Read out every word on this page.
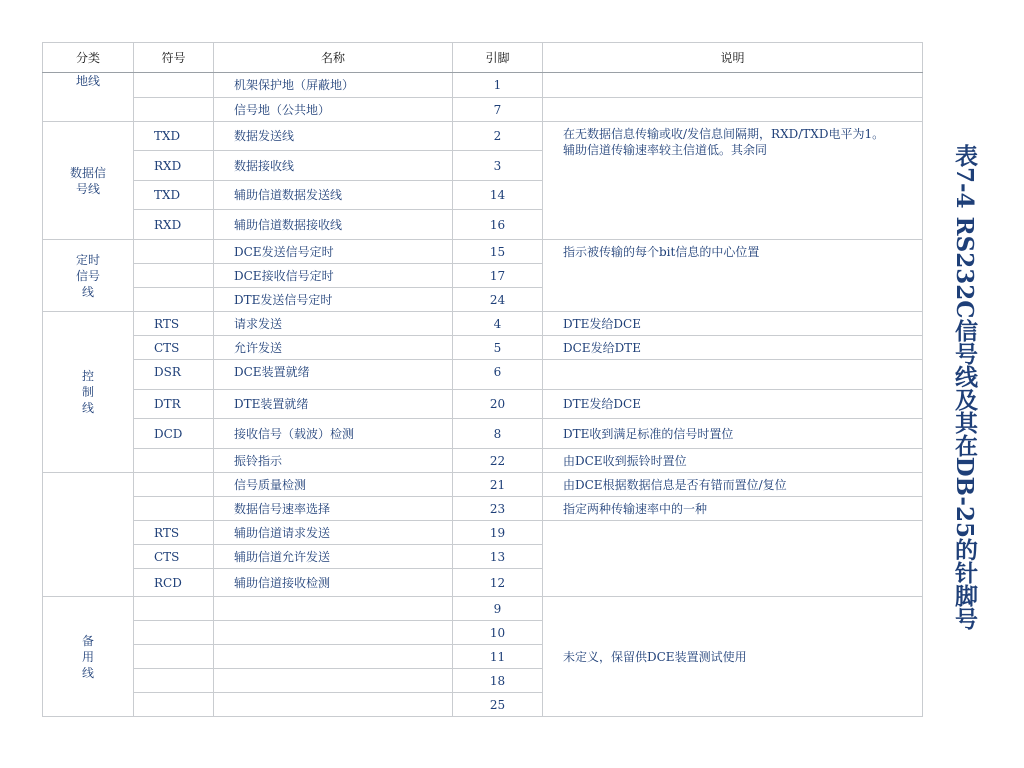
分类	符号	名称	引脚	说明
地线		机架保护地（屏蔽地）	1	
		信号地（公共地）	7	
数据信
号线	TXD	数据发送线	2	在无数据信息传输或收/发信息间隔期，RXD/TXD电平为1。
辅助信道传输速率较主信道低。其余同
	RXD	数据接收线	3	
	TXD	辅助信道数据发送线	14	
	RXD	辅助信道数据接收线	16	
定时
信号
线		DCE发送信号定时	15	指示被传输的每个bit信息的中心位置
		DCE接收信号定时	17	
		DTE发送信号定时	24	
控
制
线	RTS	请求发送	4	DTE发给DCE
	CTS	允许发送	5	DCE发给DTE
	DSR	DCE装置就绪	6	
	DTR	DTE装置就绪	20	DTE发给DCE
	DCD	接收信号（载波）检测	8	DTE收到满足标准的信号时置位
		振铃指示	22	由DCE收到振铃时置位
		信号质量检测	21	由DCE根据数据信息是否有错而置位/复位
		数据信号速率选择	23	指定两种传输速率中的一种
	RTS	辅助信道请求发送	19	
	CTS	辅助信道允许发送	13	
	RCD	辅助信道接收检测	12	
备
用
线			9	未定义，保留供DCE装置测试使用
			10	
			11	
			18	
			25	
表7-4 RS232C信号线及其在DB-25的针脚号
